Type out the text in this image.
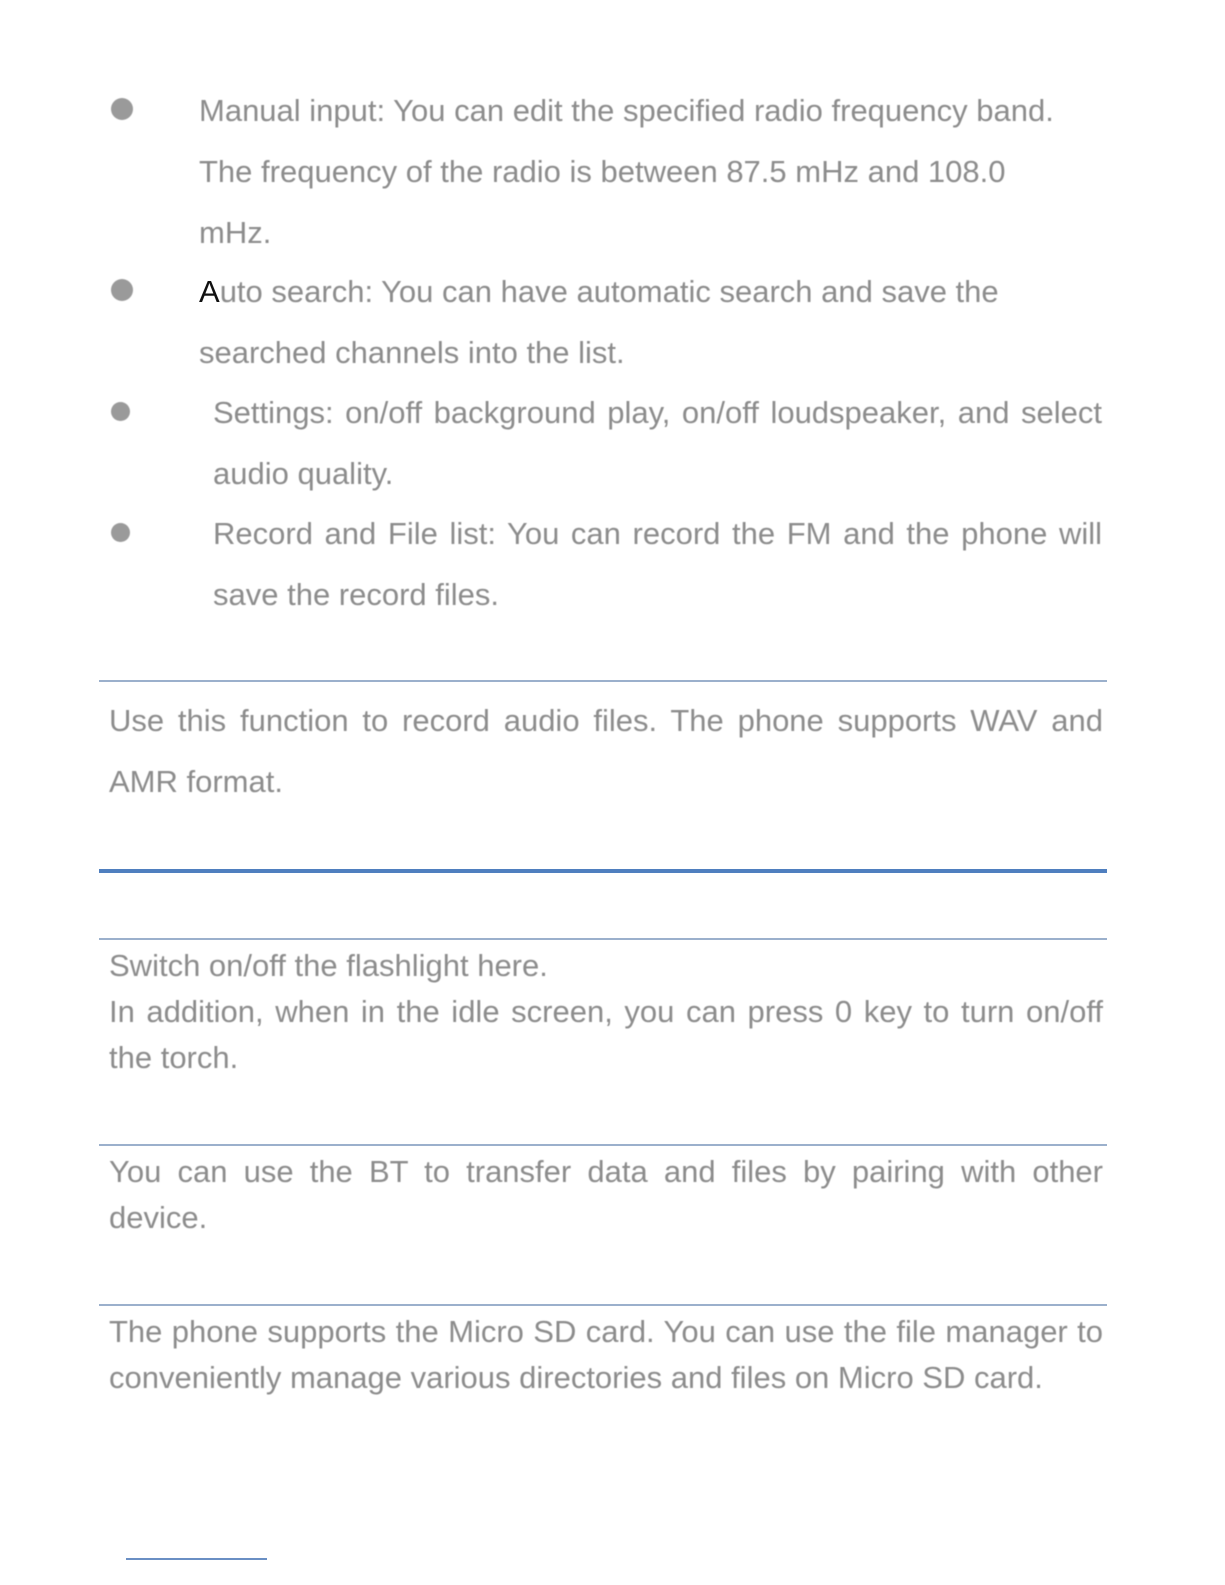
Manual input: You can edit the specified radio frequency band.
The frequency of the radio is between 87.5 mHz and 108.0
mHz.
Auto search: You can have automatic search and save the
searched channels into the list.
Settings: on/off background play, on/off loudspeaker, and select audio quality.
Record and File list: You can record the FM and the phone will save the record files.
Use this function to record audio files. The phone supports WAV and AMR format.
Switch on/off the flashlight here.
In addition, when in the idle screen, you can press 0 key to turn on/off the torch.
You can use the BT to transfer data and files by pairing with other device.
The phone supports the Micro SD card. You can use the file manager to conveniently manage various directories and files on Micro SD card.
